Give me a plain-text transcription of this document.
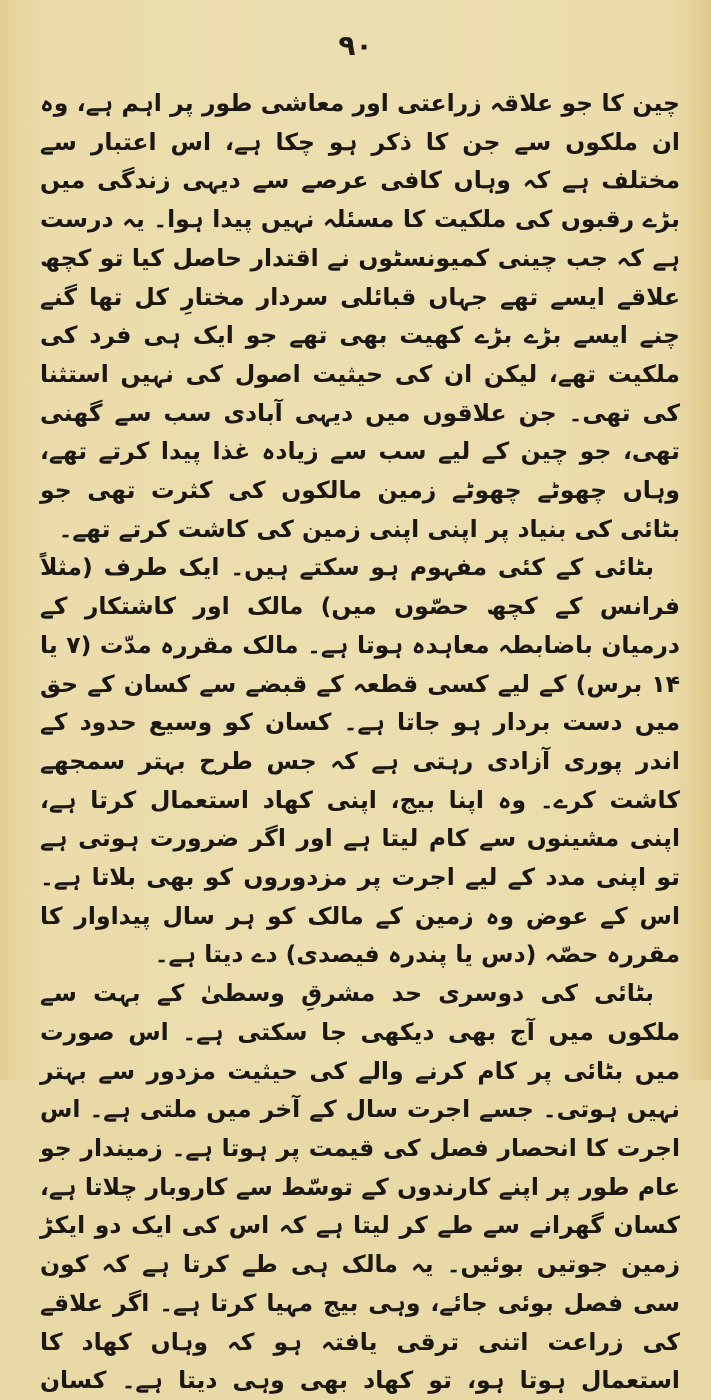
۹۰

چین کا جو علاقہ زراعتی اور معاشی طور پر اہم ہے، وہ ان ملکوں سے جن کا ذکر ہو چکا ہے، اس اعتبار سے مختلف ہے کہ وہاں کافی عرصے سے دیہی زندگی میں بڑے رقبوں کی ملکیت کا مسئلہ نہیں پیدا ہوا۔ یہ درست ہے کہ جب چینی کمیونسٹوں نے اقتدار حاصل کیا تو کچھ علاقے ایسے تھے جہاں قبائلی سردار مختارِ کل تھا گنے چنے ایسے بڑے بڑے کھیت بھی تھے جو ایک ہی فرد کی ملکیت تھے، لیکن ان کی حیثیت اصول کی نہیں استثنا کی تھی۔ جن علاقوں میں دیہی آبادی سب سے گھنی تھی، جو چین کے لیے سب سے زیادہ غذا پیدا کرتے تھے، وہاں چھوٹے چھوٹے زمین مالکوں کی کثرت تھی جو بٹائی کی بنیاد پر اپنی اپنی زمین کی کاشت کرتے تھے۔

بٹائی کے کئی مفہوم ہو سکتے ہیں۔ ایک طرف (مثلاً فرانس کے کچھ حصّوں میں) مالک اور کاشتکار کے درمیان باضابطہ معاہدہ ہوتا ہے۔ مالک مقررہ مدّت (۷ یا ۱۴ برس) کے لیے کسی قطعہ کے قبضے سے کسان کے حق میں دست بردار ہو جاتا ہے۔ کسان کو وسیع حدود کے اندر پوری آزادی رہتی ہے کہ جس طرح بہتر سمجھے کاشت کرے۔ وہ اپنا بیج، اپنی کھاد استعمال کرتا ہے، اپنی مشینوں سے کام لیتا ہے اور اگر ضرورت ہوتی ہے تو اپنی مدد کے لیے اجرت پر مزدوروں کو بھی بلاتا ہے۔ اس کے عوض وہ زمین کے مالک کو ہر سال پیداوار کا مقررہ حصّہ (دس یا پندرہ فیصدی) دے دیتا ہے۔

بٹائی کی دوسری حد مشرقِ وسطیٰ کے بہت سے ملکوں میں آج بھی دیکھی جا سکتی ہے۔ اس صورت میں بٹائی پر کام کرنے والے کی حیثیت مزدور سے بہتر نہیں ہوتی۔ جسے اجرت سال کے آخر میں ملتی ہے۔ اس اجرت کا انحصار فصل کی قیمت پر ہوتا ہے۔ زمیندار جو عام طور پر اپنے کارندوں کے توسّط سے کاروبار چلاتا ہے، کسان گھرانے سے طے کر لیتا ہے کہ اس کی ایک دو ایکڑ زمین جوتیں بوئیں۔ یہ مالک ہی طے کرتا ہے کہ کون سی فصل بوئی جائے، وہی بیج مہیا کرتا ہے۔ اگر علاقے کی زراعت اتنی ترقی یافتہ ہو کہ وہاں کھاد کا استعمال ہوتا ہو، تو کھاد بھی وہی دیتا ہے۔ کسان
